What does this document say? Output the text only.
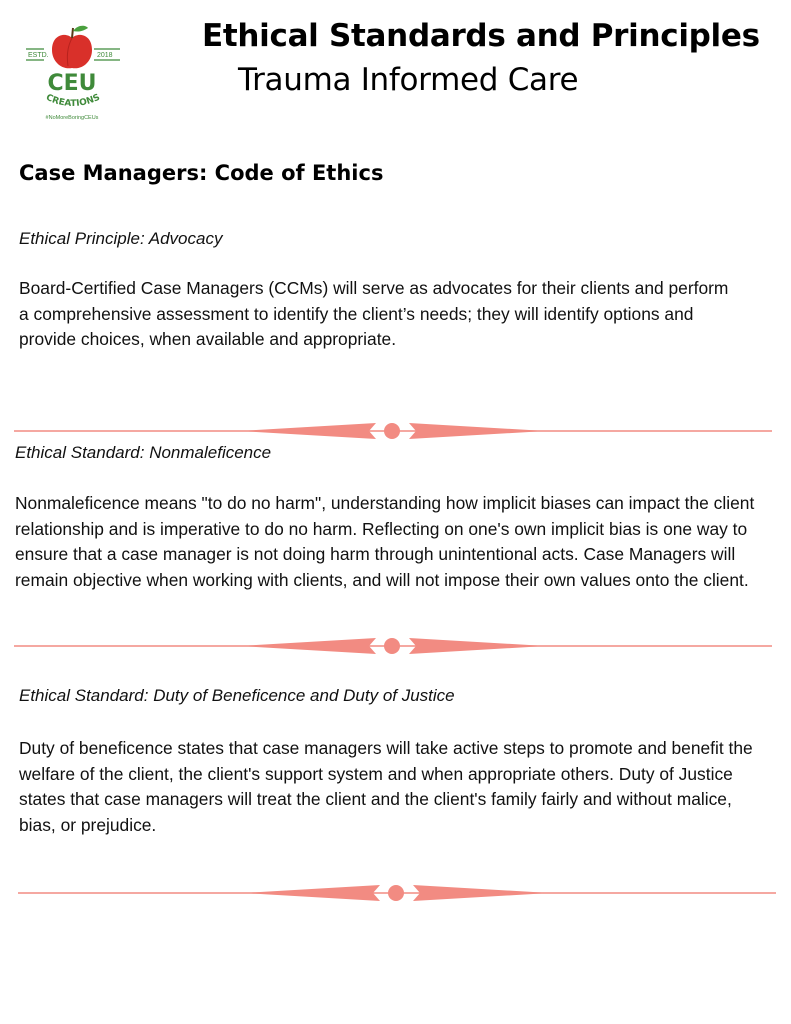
ESTD.	2018
CEU
CREATIONS
#NoMoreBoringCEUs
Ethical Standards and Principles
Trauma Informed Care
Case Managers: Code of Ethics

Ethical Principle: Advocacy

Board-Certified Case Managers (CCMs) will serve as advocates for their clients and perform a comprehensive assessment to identify the client’s needs; they will identify options and provide choices, when available and appropriate.

Ethical Standard: Nonmaleficence

Nonmaleficence means "to do no harm", understanding how implicit biases can impact the client relationship and is imperative to do no harm. Reflecting on one's own implicit bias is one way to ensure that a case manager is not doing harm through unintentional acts. Case Managers will remain objective when working with clients, and will not impose their own values onto the client.

Ethical Standard: Duty of Beneficence and Duty of Justice

Duty of beneficence states that case managers will take active steps to promote and benefit the welfare of the client, the client's support system and when appropriate others. Duty of Justice states that case managers will treat the client and the client's family fairly and without malice, bias, or prejudice.
